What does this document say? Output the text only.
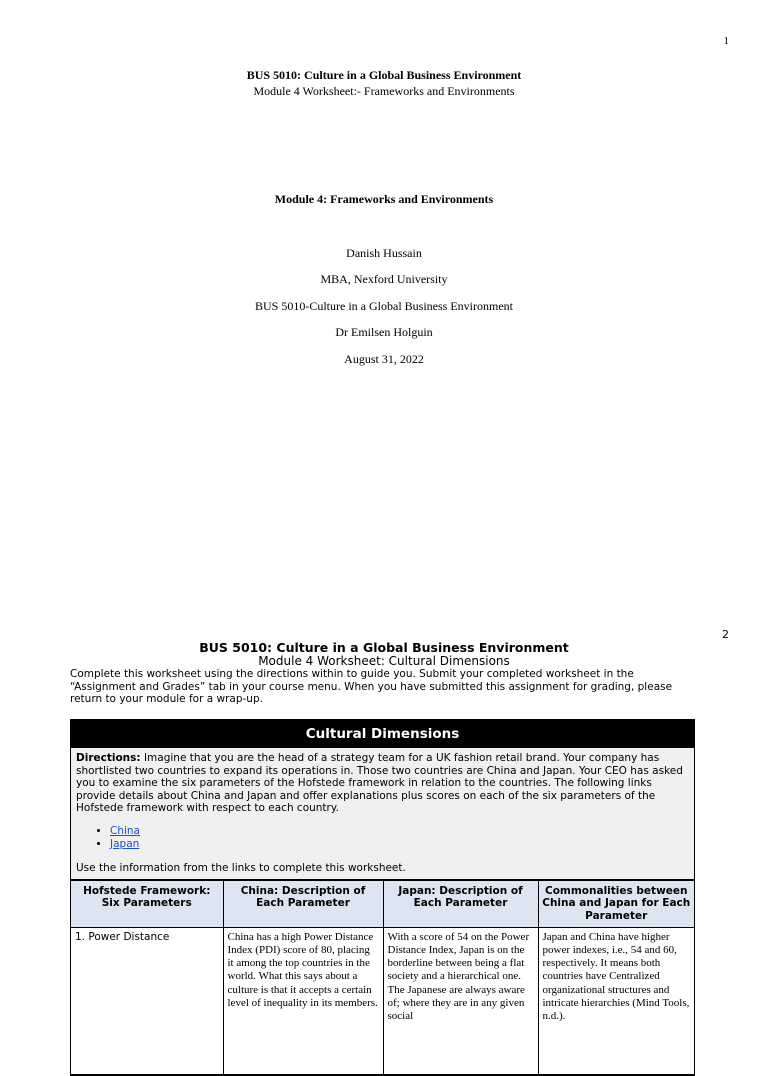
1
BUS 5010: Culture in a Global Business Environment
Module 4 Worksheet:- Frameworks and Environments
Module 4: Frameworks and Environments
Danish Hussain
MBA, Nexford University
BUS 5010-Culture in a Global Business Environment
Dr Emilsen Holguin
August 31, 2022
2
BUS 5010: Culture in a Global Business Environment
Module 4 Worksheet: Cultural Dimensions
Complete this worksheet using the directions within to guide you. Submit your completed worksheet in the “Assignment and Grades” tab in your course menu. When you have submitted this assignment for grading, please return to your module for a wrap-up.
Cultural Dimensions
Directions: Imagine that you are the head of a strategy team for a UK fashion retail brand. Your company has shortlisted two countries to expand its operations in. Those two countries are China and Japan. Your CEO has asked you to examine the six parameters of the Hofstede framework in relation to the countries. The following links provide details about China and Japan and offer explanations plus scores on each of the six parameters of the Hofstede framework with respect to each country.
• China
• Japan
Use the information from the links to complete this worksheet.
Hofstede Framework: Six Parameters	China: Description of Each Parameter	Japan: Description of Each Parameter	Commonalities between China and Japan for Each Parameter
1. Power Distance	China has a high Power Distance Index (PDI) score of 80, placing it among the top countries in the world. What this says about a culture is that it accepts a certain level of inequality in its members.	With a score of 54 on the Power Distance Index, Japan is on the borderline between being a flat society and a hierarchical one. The Japanese are always aware of; where they are in any given social	Japan and China have higher power indexes, i.e., 54 and 60, respectively. It means both countries have Centralized organizational structures and intricate hierarchies (Mind Tools, n.d.).
